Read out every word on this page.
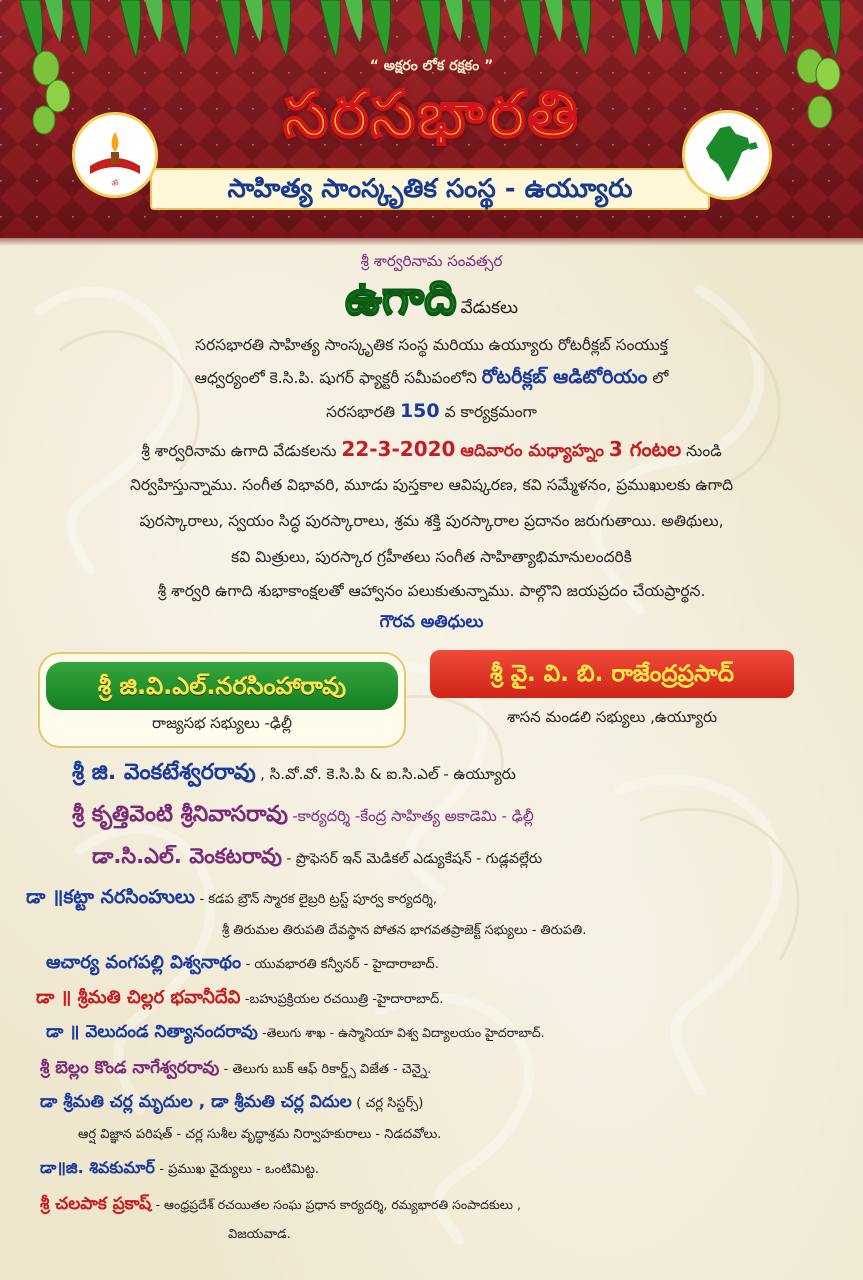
“ అక్షరం లోక రక్షకం ”
సరసభారతి
సాహిత్య సాంస్కృతిక సంస్థ - ఉయ్యూరు
ॐ
శ్రీ శార్వరినామ సంవత్సర
ఉగాది వేడుకలు
సరసభారతి సాహిత్య సాంస్కృతిక సంస్థ మరియు ఉయ్యూరు రోటరీక్లబ్ సంయుక్త
ఆధ్వర్యంలో కె.సి.పి. షుగర్ ఫ్యాక్టరీ సమీపంలోని రోటరీక్లబ్ ఆడిటోరియం లో
సరసభారతి 150 వ కార్యక్రమంగా
శ్రీ శార్వరినామ ఉగాది వేడుకలను 22-3-2020 ఆదివారం మధ్యాహ్నం 3 గంటల నుండి
నిర్వహిస్తున్నాము. సంగీత విభావరి, మూడు పుస్తకాల ఆవిష్కరణ, కవి సమ్మేళనం, ప్రముఖులకు ఉగాది
పురస్కారాలు, స్వయం సిద్ధ పురస్కారాలు, శ్రమ శక్తి పురస్కారాల ప్రదానం జరుగుతాయి. అతిథులు,
కవి మిత్రులు, పురస్కార గ్రహీతలు సంగీత సాహిత్యాభిమానులందరికి
శ్రీ శార్వరి ఉగాది శుభాకాంక్షలతో ఆహ్వానం పలుకుతున్నాము. పాల్గొని జయప్రదం చేయప్రార్థన.
గౌరవ అతిధులు
శ్రీ జి.వి.ఎల్.నరసింహారావు
రాజ్యసభ సభ్యులు -ఢిల్లీ
శ్రీ వై. వి. బి. రాజేంద్రప్రసాద్
శాసన మండలి సభ్యులు ,ఉయ్యూరు
శ్రీ జి. వెంకటేశ్వరరావు , సి.వో.వో. కె.సి.పి & ఐ.సి.ఎల్ - ఉయ్యూరు
శ్రీ కృత్తివెంటి శ్రీనివాసరావు -కార్యదర్శి -కేంద్ర సాహిత్య అకాడెమి - ఢిల్లీ
డా.సి.ఎల్. వెంకటరావు - ప్రొఫెసర్ ఇన్ మెడికల్ ఎడ్యుకేషన్ - గుడ్లవల్లేరు
డా ॥కట్టా నరసింహులు - కడప బ్రౌన్ స్మారక లైబ్రరి ట్రస్ట్ పూర్వ కార్యదర్శి,
శ్రీ తిరుమల తిరుపతి దేవస్థాన పోతన భాగవతప్రాజెక్ట్ సభ్యులు - తిరుపతి.
ఆచార్య వంగపల్లి విశ్వనాథం - యువభారతి కన్వీనర్ - హైదారాబాద్.
డా ॥ శ్రీమతి చిల్లర భవానీదేవి -బహుప్రక్రియల రచయిత్రి -హైదారాబాద్.
డా ॥ వెలుదండ నిత్యానందరావు -తెలుగు శాఖ - ఉస్మానియా విశ్వ విద్యాలయం హైదరాబాద్.
శ్రీ బెల్లం కొండ నాగేశ్వరరావు - తెలుగు బుక్ ఆఫ్ రికార్డ్స్ విజేత - చెన్నై.
డా శ్రీమతి చర్ల మృదుల , డా శ్రీమతి చర్ల విదుల ( చర్ల సిస్టర్స్)
ఆర్ష విజ్ఞాన పరిషత్ - చర్ల సుశీల వృద్ధాశ్రమ నిర్వాహకురాలు - నిడదవోలు.
డా॥జి. శివకుమార్ - ప్రముఖ వైద్యులు - ఒంటిమిట్ట.
శ్రీ చలపాక ప్రకాష్ - ఆంధ్రప్రదేశ్ రచయితల సంఘ ప్రధాన కార్యదర్శి, రమ్యభారతి సంపాదకులు ,
విజయవాడ.
